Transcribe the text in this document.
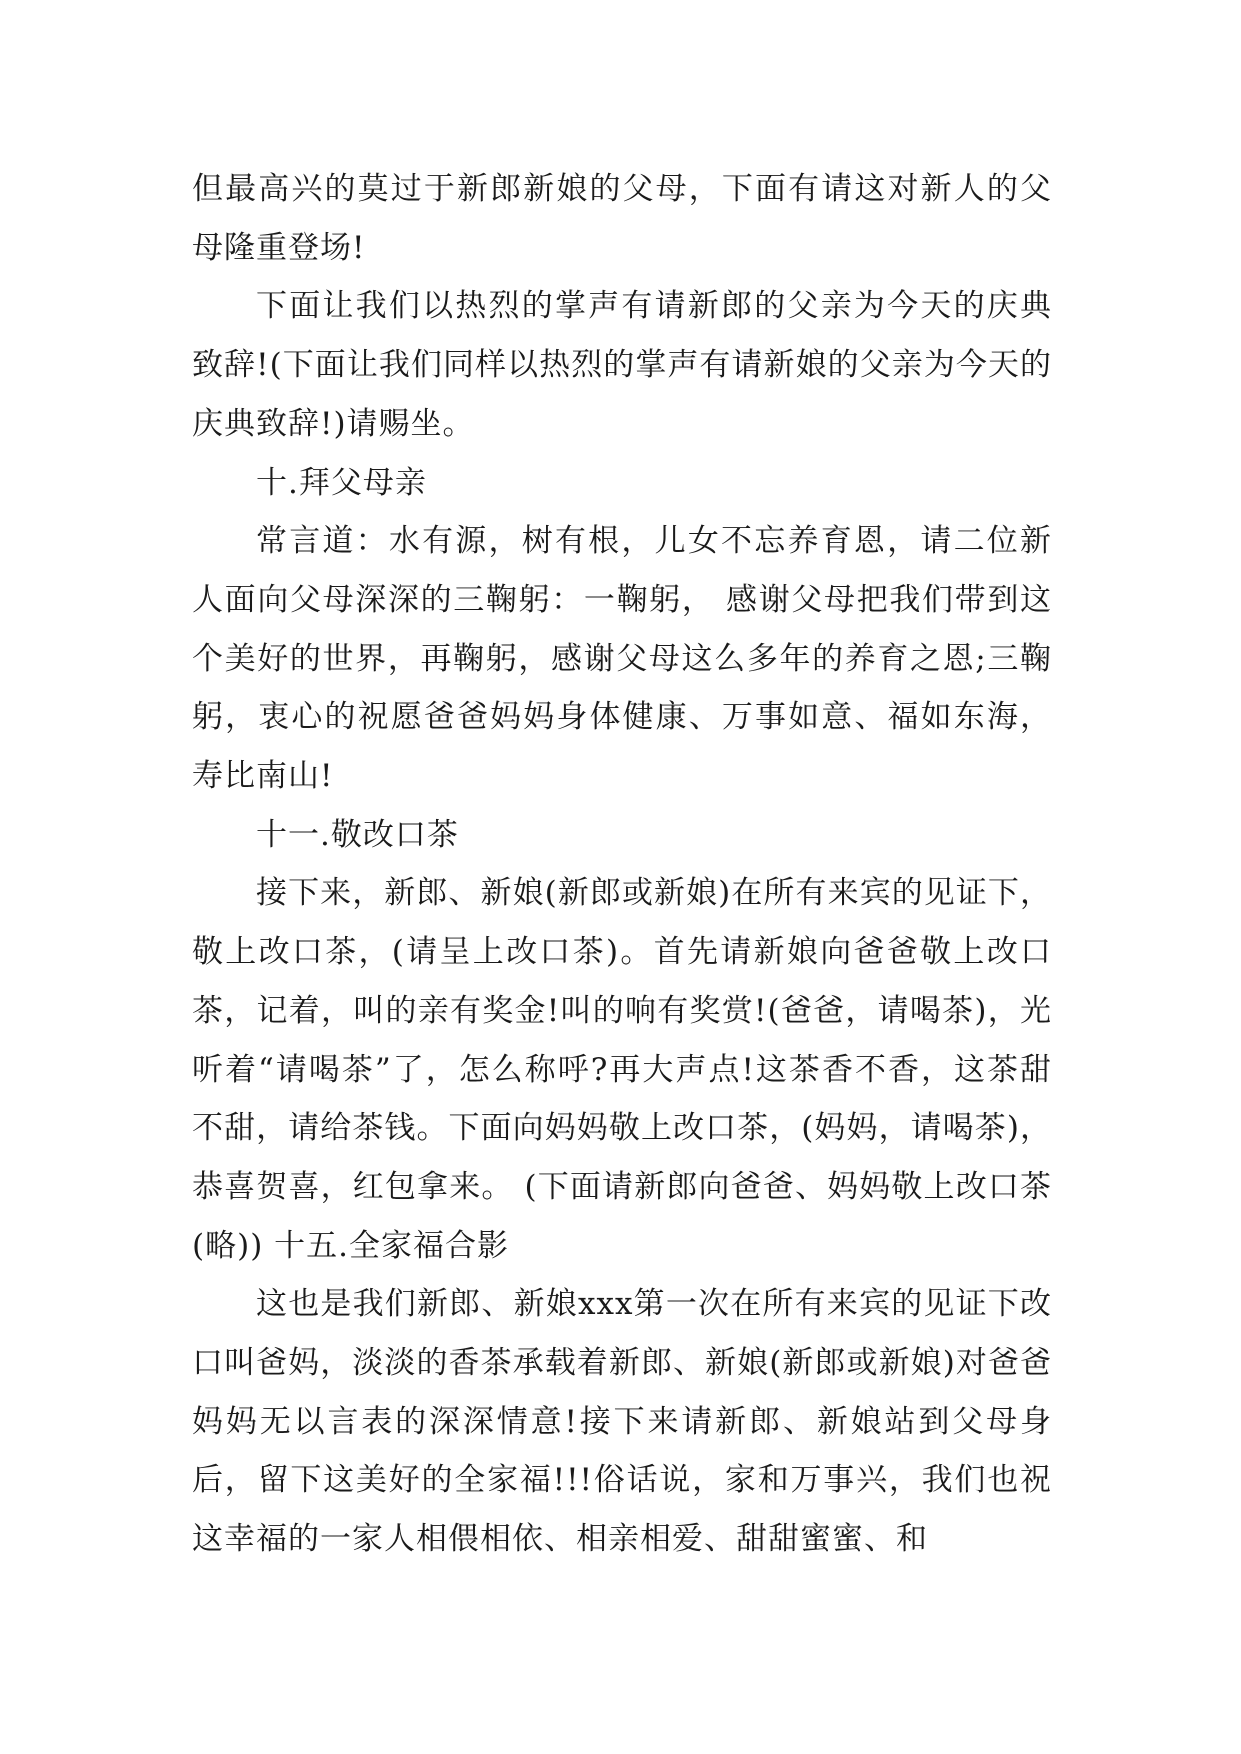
但最高兴的莫过于新郎新娘的父母，下面有请这对新人的父母隆重登场!

下面让我们以热烈的掌声有请新郎的父亲为今天的庆典致辞!(下面让我们同样以热烈的掌声有请新娘的父亲为今天的庆典致辞!)请赐坐。

十.拜父母亲

常言道：水有源，树有根，儿女不忘养育恩，请二位新人面向父母深深的三鞠躬：一鞠躬， 感谢父母把我们带到这个美好的世界，再鞠躬，感谢父母这么多年的养育之恩;三鞠躬，衷心的祝愿爸爸妈妈身体健康、万事如意、福如东海，寿比南山!

十一.敬改口茶

接下来，新郎、新娘(新郎或新娘)在所有来宾的见证下，敬上改口茶，(请呈上改口茶)。首先请新娘向爸爸敬上改口茶，记着，叫的亲有奖金!叫的响有奖赏!(爸爸，请喝茶)，光听着“请喝茶”了，怎么称呼?再大声点!这茶香不香，这茶甜不甜，请给茶钱。下面向妈妈敬上改口茶，(妈妈，请喝茶)，恭喜贺喜，红包拿来。 (下面请新郎向爸爸、妈妈敬上改口茶(略)) 十五.全家福合影

这也是我们新郎、新娘xxx第一次在所有来宾的见证下改口叫爸妈，淡淡的香茶承载着新郎、新娘(新郎或新娘)对爸爸妈妈无以言表的深深情意!接下来请新郎、新娘站到父母身后，留下这美好的全家福!!!俗话说，家和万事兴，我们也祝这幸福的一家人相偎相依、相亲相爱、甜甜蜜蜜、和
